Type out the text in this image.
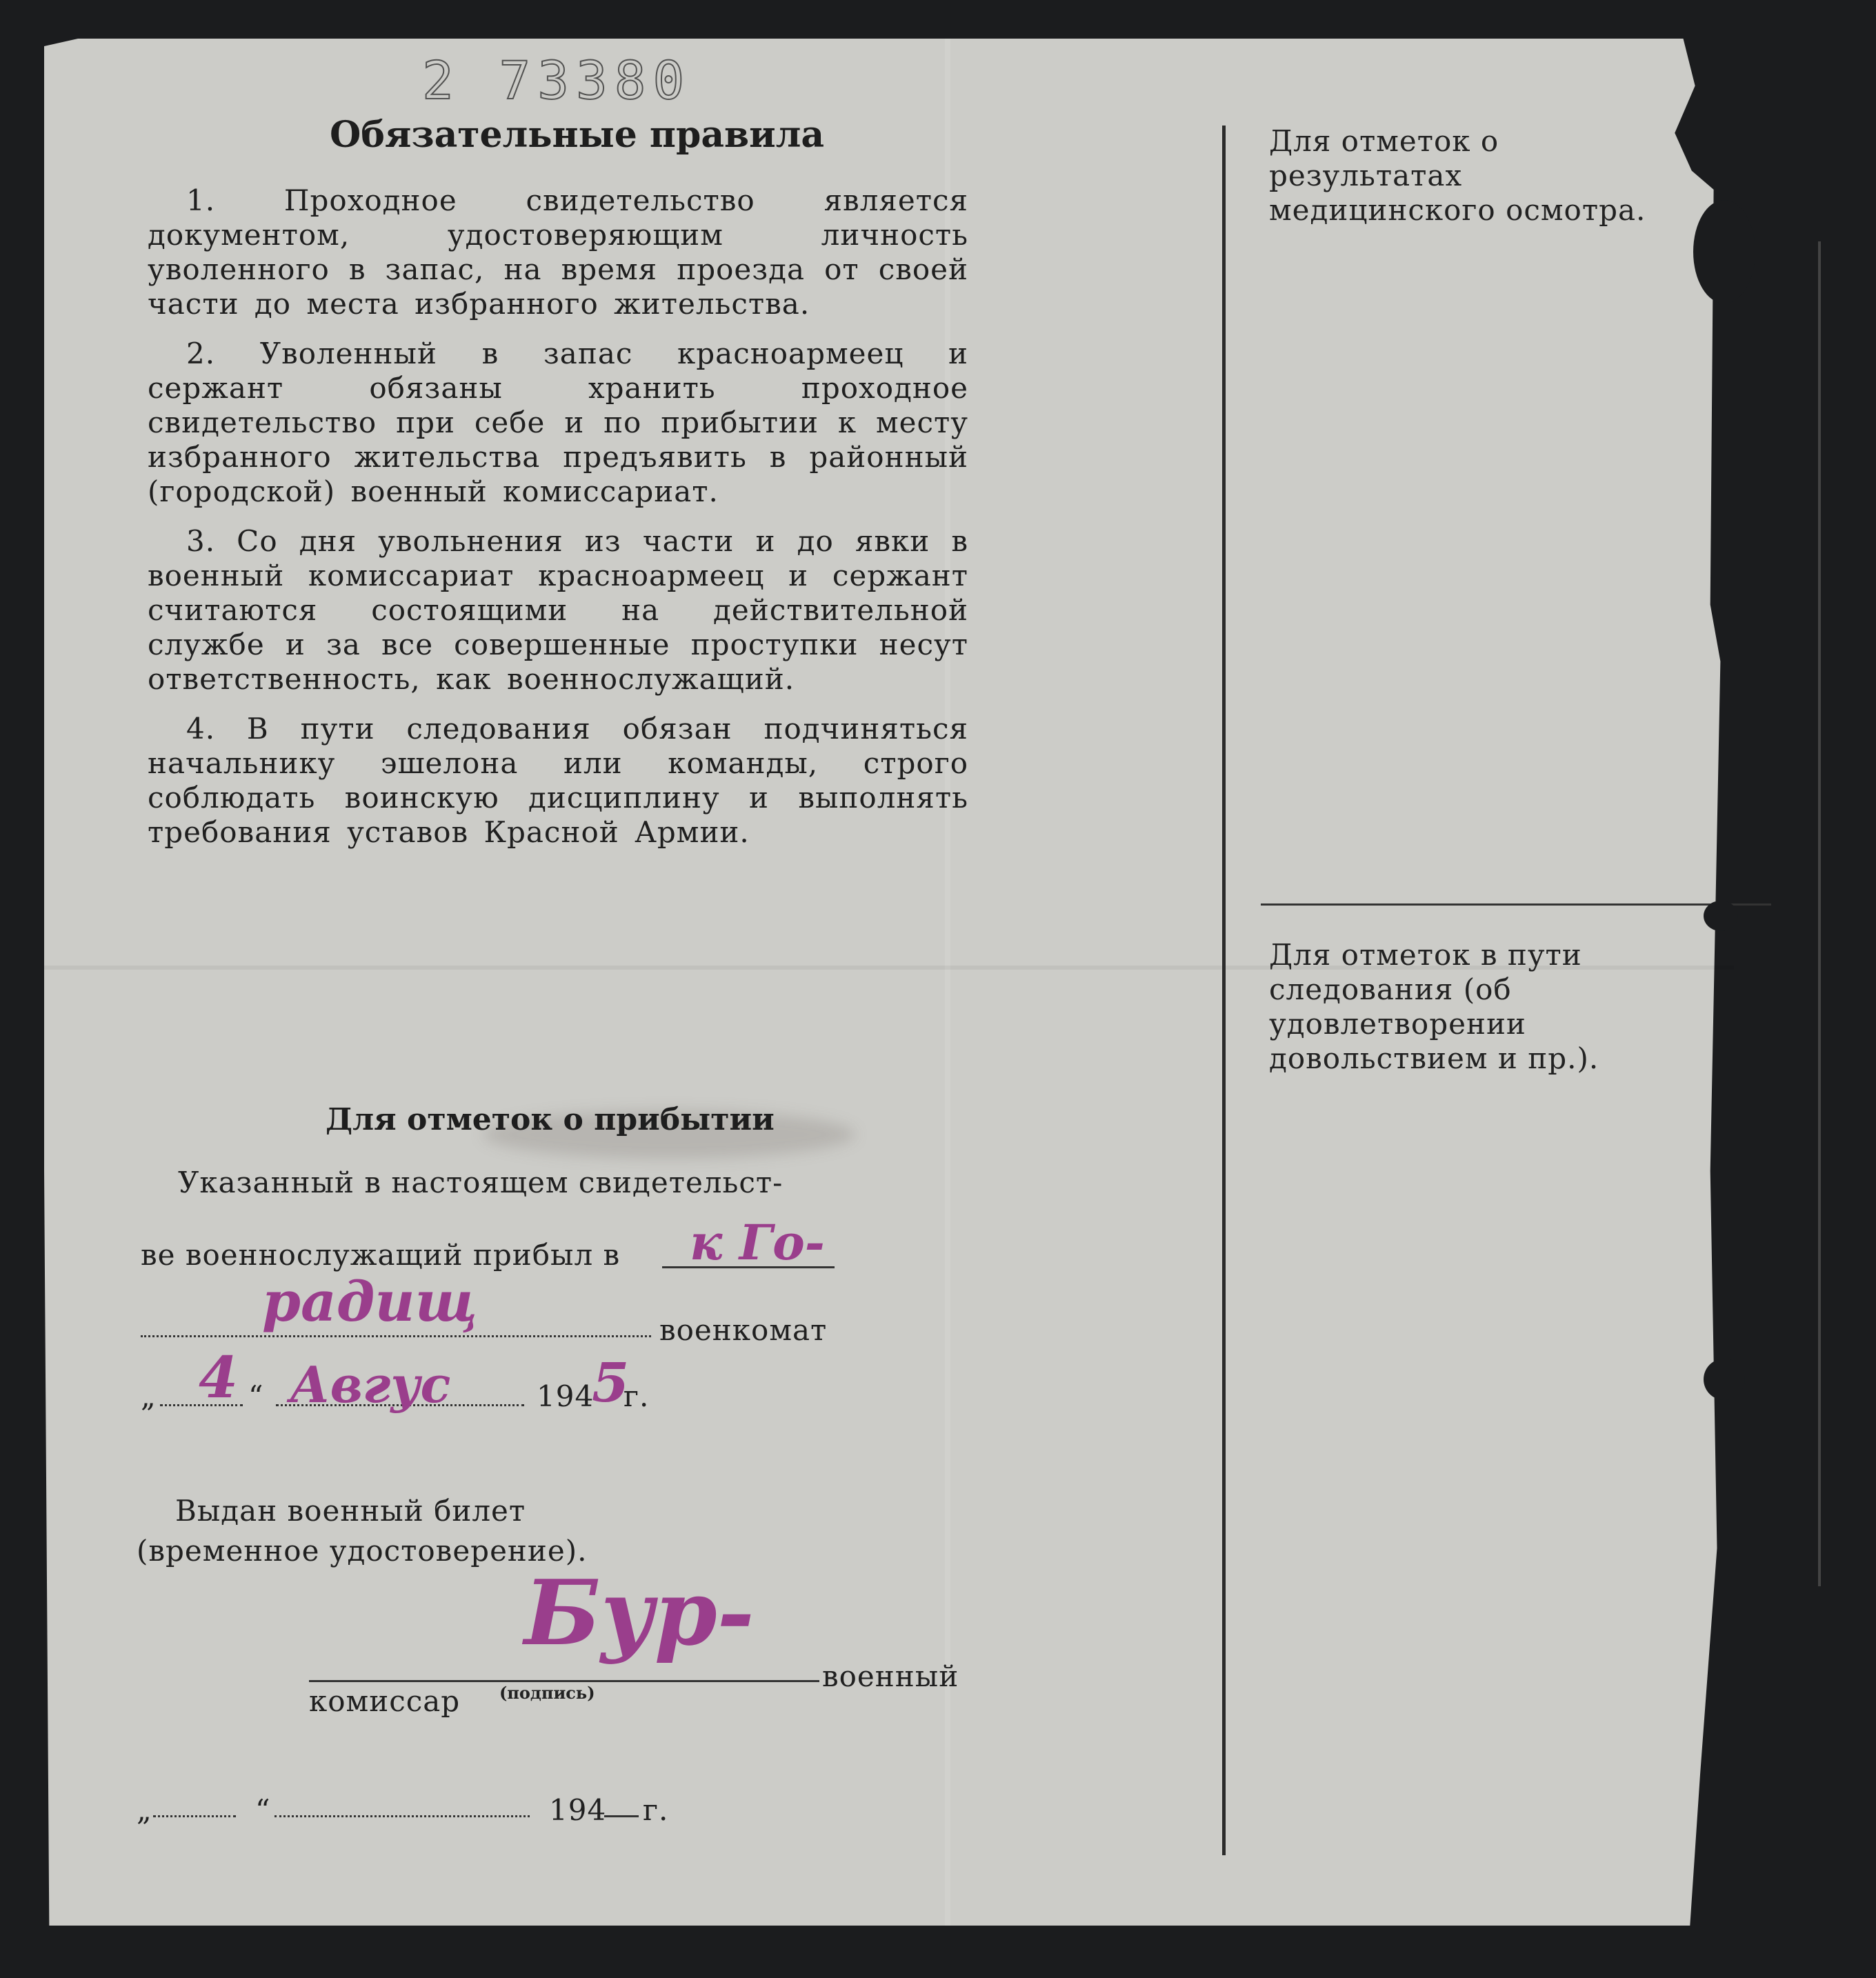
2 73380
Обязательные правила

1. Проходное свидетельство является документом, удостоверяющим личность уволенного в запас, на время проезда от своей части до места избранного жительства.

2. Уволенный в запас красноармеец и сержант обязаны хранить проходное свидетельство при себе и по прибытии к месту избранного жительства предъявить в районный (городской) военный комиссариат.

3. Со дня увольнения из части и до явки в военный комиссариат красноармеец и сержант считаются состоящими на действительной службе и за все совершенные проступки несут ответственность, как военнослужащий.

4. В пути следования обязан подчиняться начальнику эшелона или команды, строго соблюдать воинскую дисциплину и выполнять требования уставов Красной Армии.

Для отметок о результатах медицинского осмотра.
Для отметок в пути следования (об удовлетворении довольствием и пр.).
Для отметок о прибытии
Указанный в настоящем свидетельст-
ве военнослужащий прибыл в к Го-
радищ	военкомат
„ 4 “ Авгус	194
5
г.
Выдан военный билет
(временное удостоверение).
Бур-
военный
комиссар (подпись)
„	“	194 г.
